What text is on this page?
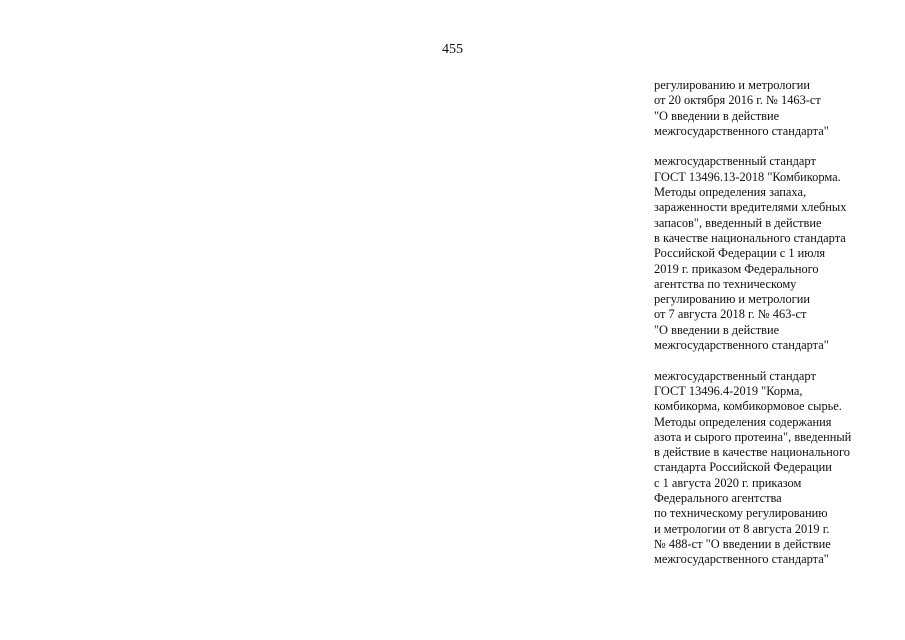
455
регулированию и метрологии
от 20 октября 2016 г. № 1463-ст
"О введении в действие
межгосударственного стандарта"
межгосударственный стандарт
ГОСТ 13496.13-2018 "Комбикорма.
Методы определения запаха,
зараженности вредителями хлебных
запасов", введенный в действие
в качестве национального стандарта
Российской Федерации с 1 июля
2019 г. приказом Федерального
агентства по техническому
регулированию и метрологии
от 7 августа 2018 г. № 463-ст
"О введении в действие
межгосударственного стандарта"
межгосударственный стандарт
ГОСТ 13496.4-2019 "Корма,
комбикорма, комбикормовое сырье.
Методы определения содержания
азота и сырого протеина", введенный
в действие в качестве национального
стандарта Российской Федерации
с 1 августа 2020 г. приказом
Федерального агентства
по техническому регулированию
и метрологии от 8 августа 2019 г.
№ 488-ст "О введении в действие
межгосударственного стандарта"
